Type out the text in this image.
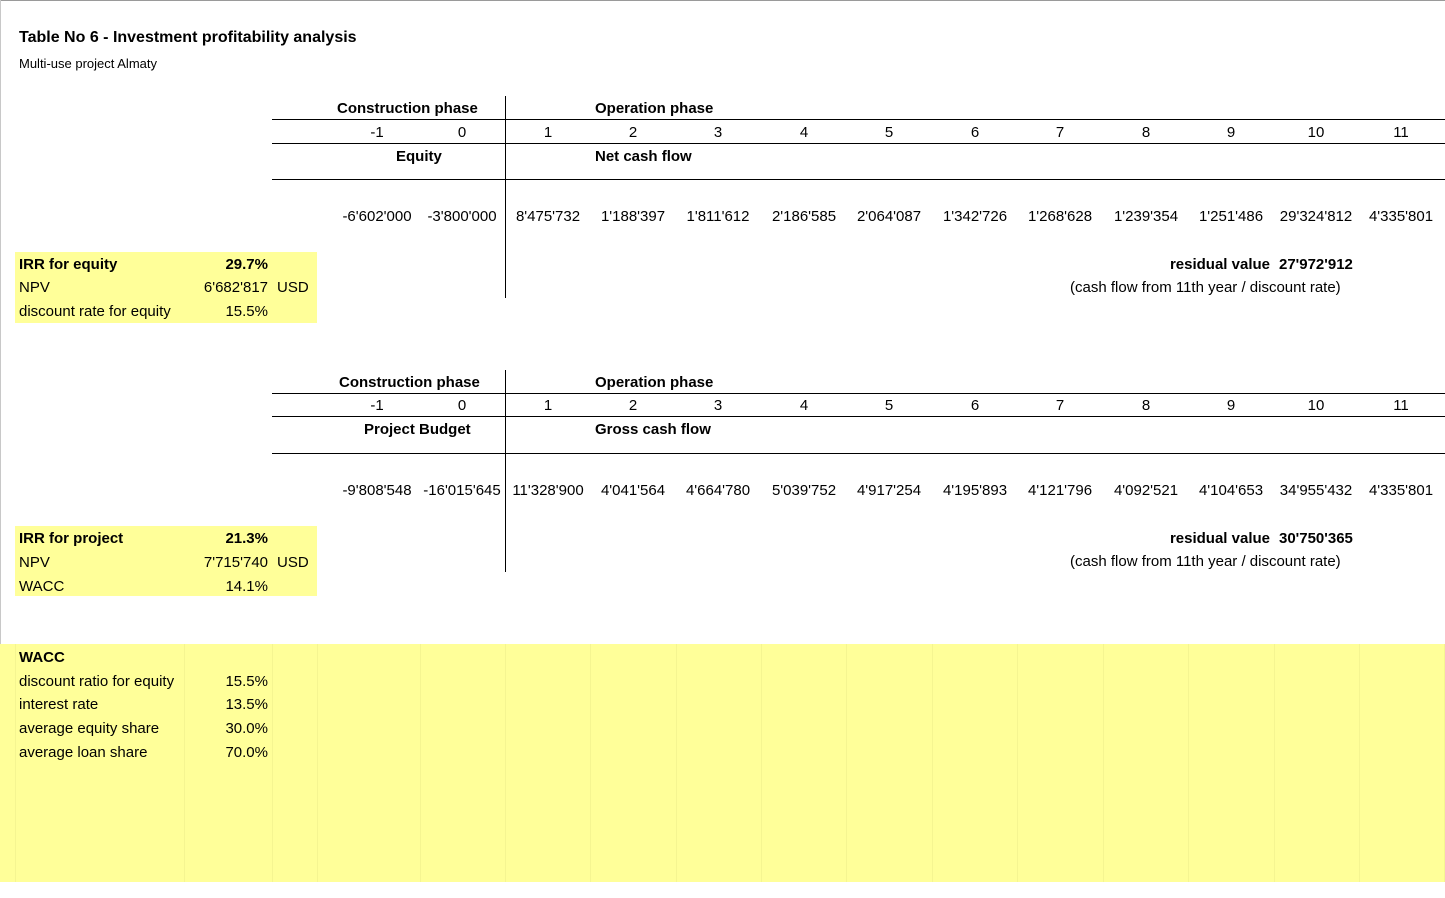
Table No 6 - Investment profitability analysis
Multi-use project Almaty
Construction phase	Operation phase
-1	0	1	2	3	4	5	6	7	8	9	10	11
Equity	Net cash flow
-6'602'000	-3'800'000	8'475'732	1'188'397	1'811'612	2'186'585	2'064'087	1'342'726	1'268'628	1'239'354	1'251'486	29'324'812	4'335'801
IRR for equity	29.7%
NPV	6'682'817 USD
discount rate for equity	15.5%
residual value 27'972'912
(cash flow from 11th year / discount rate)
Construction phase	Operation phase
-1	0	1	2	3	4	5	6	7	8	9	10	11
Project Budget	Gross cash flow
-9'808'548 -16'015'645 11'328'900	4'041'564	4'664'780	5'039'752	4'917'254	4'195'893	4'121'796	4'092'521	4'104'653	34'955'432	4'335'801
IRR for project	21.3%
NPV	7'715'740 USD
WACC	14.1%
residual value 30'750'365
(cash flow from 11th year / discount rate)
WACC
discount ratio for equity	15.5%
interest rate	13.5%
average equity share	30.0%
average loan share	70.0%
